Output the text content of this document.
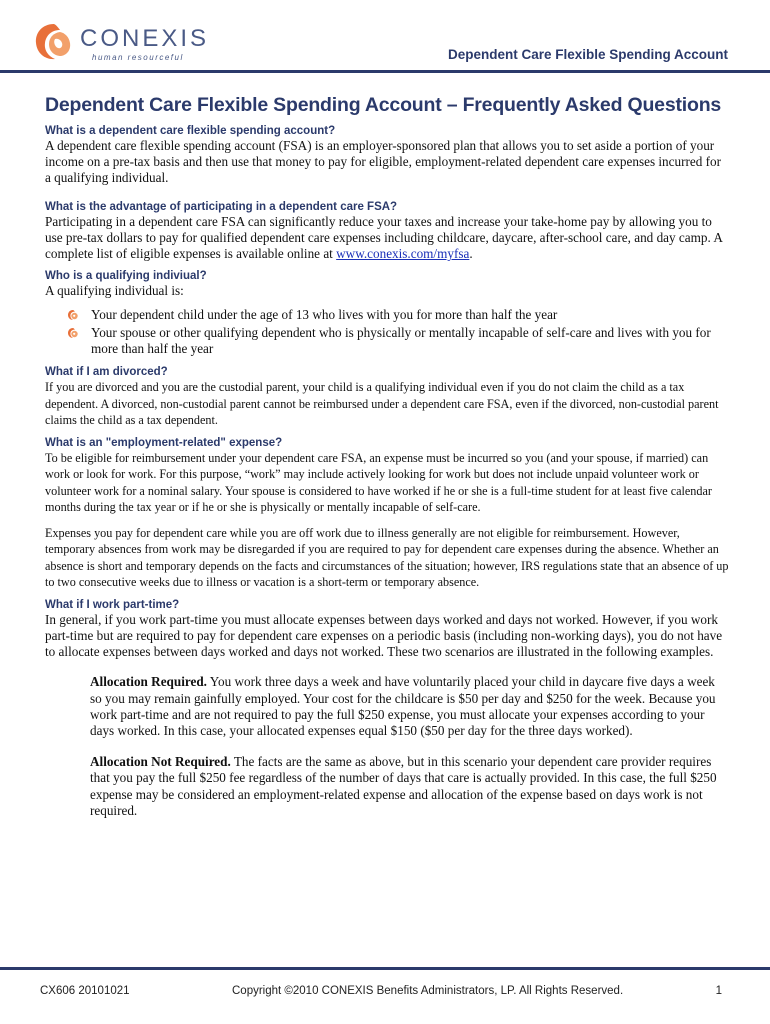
CONEXIS
human resourceful	Dependent Care Flexible Spending Account
Dependent Care Flexible Spending Account – Frequently Asked Questions

What is a dependent care flexible spending account?

A dependent care flexible spending account (FSA) is an employer-sponsored plan that allows you to set aside a portion of your income on a pre-tax basis and then use that money to pay for eligible, employment-related dependent care expenses incurred for a qualifying individual.

What is the advantage of participating in a dependent care FSA?

Participating in a dependent care FSA can significantly reduce your taxes and increase your take-home pay by allowing you to use pre-tax dollars to pay for qualified dependent care expenses including childcare, daycare, after-school care, and day camp. A complete list of eligible expenses is available online at www.conexis.com/myfsa.

Who is a qualifying indiviual?

A qualifying individual is:

Your dependent child under the age of 13 who lives with you for more than half the year
Your spouse or other qualifying dependent who is physically or mentally incapable of self-care and lives with you for more than half the year

What if I am divorced?

If you are divorced and you are the custodial parent, your child is a qualifying individual even if you do not claim the child as a tax dependent. A divorced, non-custodial parent cannot be reimbursed under a dependent care FSA, even if the divorced, non-custodial parent claims the child as a tax dependent.

What is an "employment-related" expense?

To be eligible for reimbursement under your dependent care FSA, an expense must be incurred so you (and your spouse, if married) can work or look for work. For this purpose, “work” may include actively looking for work but does not include unpaid volunteer work or volunteer work for a nominal salary. Your spouse is considered to have worked if he or she is a full-time student for at least five calendar months during the tax year or if he or she is physically or mentally incapable of self-care.

Expenses you pay for dependent care while you are off work due to illness generally are not eligible for reimbursement. However, temporary absences from work may be disregarded if you are required to pay for dependent care expenses during the absence. Whether an absence is short and temporary depends on the facts and circumstances of the situation; however, IRS regulations state that an absence of up to two consecutive weeks due to illness or vacation is a short-term or temporary absence.

What if I work part-time?

In general, if you work part-time you must allocate expenses between days worked and days not worked. However, if you work part-time but are required to pay for dependent care expenses on a periodic basis (including non-working days), you do not have to allocate expenses between days worked and days not worked. These two scenarios are illustrated in the following examples.

Allocation Required. You work three days a week and have voluntarily placed your child in daycare five days a week so you may remain gainfully employed. Your cost for the childcare is $50 per day and $250 for the week. Because you work part-time and are not required to pay the full $250 expense, you must allocate your expenses according to your days worked. In this case, your allocated expenses equal $150 ($50 per day for the three days worked).

Allocation Not Required. The facts are the same as above, but in this scenario your dependent care provider requires that you pay the full $250 fee regardless of the number of days that care is actually provided. In this case, the full $250 expense may be considered an employment-related expense and allocation of the expense based on days work is not required.

CX606 20101021	Copyright ©2010 CONEXIS Benefits Administrators, LP. All Rights Reserved.	1
